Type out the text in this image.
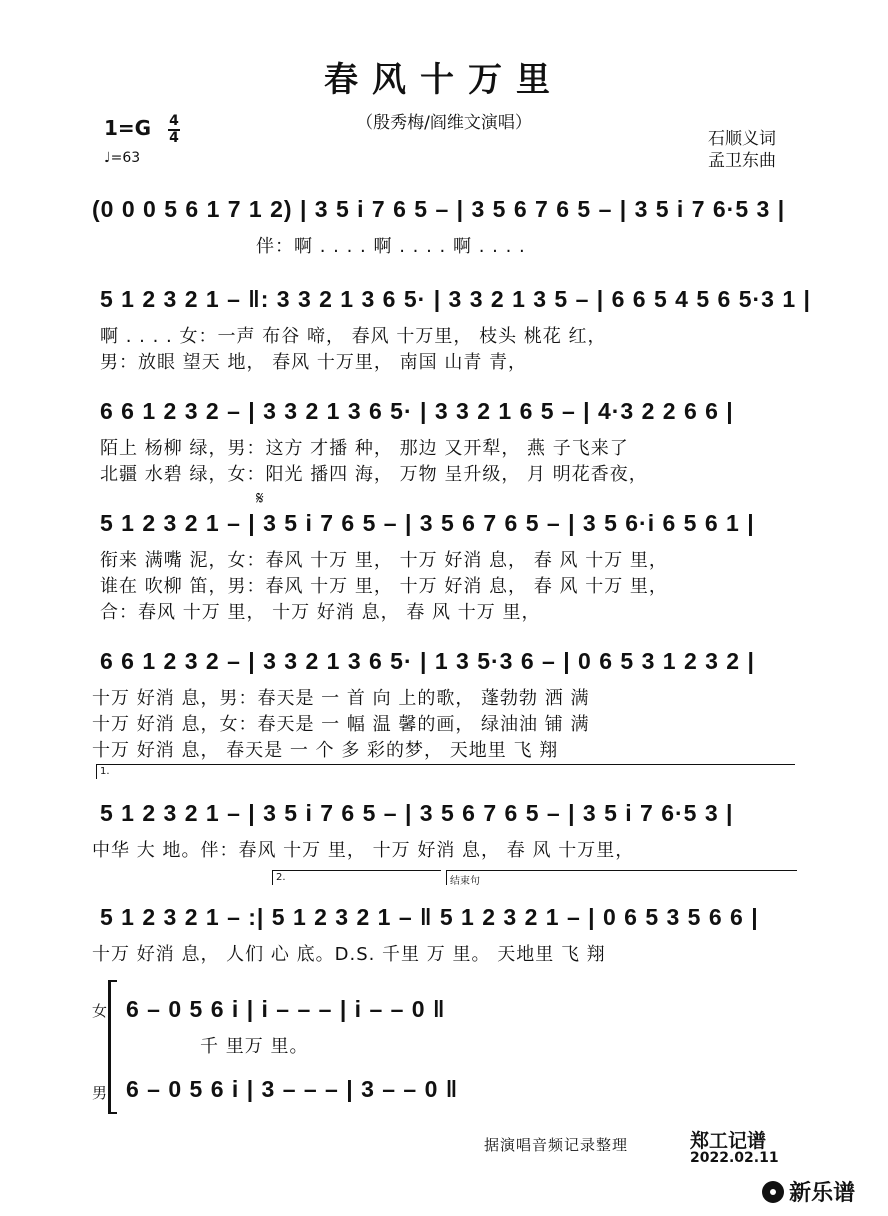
春风十万里
（殷秀梅/阎维文演唱）
石顺义词
孟卫东曲
1=G 4
4
♩=63
(0 0 0 5 6 1 7 1 2) | 3 5 i 7 6 5 – | 3 5 6 7 6 5 – | 3 5 i 7 6·5 3 |
伴：啊 . . . . 啊 . . . . 啊 . . . .
5 1 2 3 2 1 – ‖: 3 3 2 1 3 6 5· | 3 3 2 1 3 5 – | 6 6 5 4 5 6 5·3 1 |
啊 . . . . 女：一声 布谷 啼， 春风 十万里， 枝头 桃花 红，
男：放眼 望天 地， 春风 十万里， 南国 山青 青，
6 6 1 2 3 2 – | 3 3 2 1 3 6 5· | 3 3 2 1 6 5 – | 4·3 2 2 6 6 |
陌上 杨柳 绿，男：这方 才播 种， 那边 又开犁， 燕 子飞来了
北疆 水碧 绿，女：阳光 播四 海， 万物 呈升级， 月 明花香夜，
𝄋
5 1 2 3 2 1 – | 3 5 i 7 6 5 – | 3 5 6 7 6 5 – | 3 5 6·i 6 5 6 1 |
衔来 满嘴 泥，女：春风 十万 里， 十万 好消 息， 春 风 十万 里，
谁在 吹柳 笛，男：春风 十万 里， 十万 好消 息， 春 风 十万 里，
合：春风 十万 里， 十万 好消 息， 春 风 十万 里，
6 6 1 2 3 2 – | 3 3 2 1 3 6 5· | 1 3 5·3 6 – | 0 6 5 3 1 2 3 2 |
十万 好消 息，男：春天是 一 首 向 上的歌， 蓬勃勃 洒 满
十万 好消 息，女：春天是 一 幅 温 馨的画， 绿油油 铺 满
十万 好消 息， 春天是 一 个 多 彩的梦， 天地里 飞 翔
1.
5 1 2 3 2 1 – | 3 5 i 7 6 5 – | 3 5 6 7 6 5 – | 3 5 i 7 6·5 3 |
中华 大 地。伴：春风 十万 里， 十万 好消 息， 春 风 十万里，
2.	结束句
5 1 2 3 2 1 – :| 5 1 2 3 2 1 – ‖ 5 1 2 3 2 1 – | 0 6 5 3 5 6 6 |
十万 好消 息， 人们 心 底。D.S. 千里 万 里。 天地里 飞 翔
女
男
6 – 0 5 6 i | i – – – | i – – 0 ‖
千 里万 里。
6 – 0 5 6 i | 3 – – – | 3 – – 0 ‖
据演唱音频记录整理	郑工记谱
2022.02.11
新乐谱
